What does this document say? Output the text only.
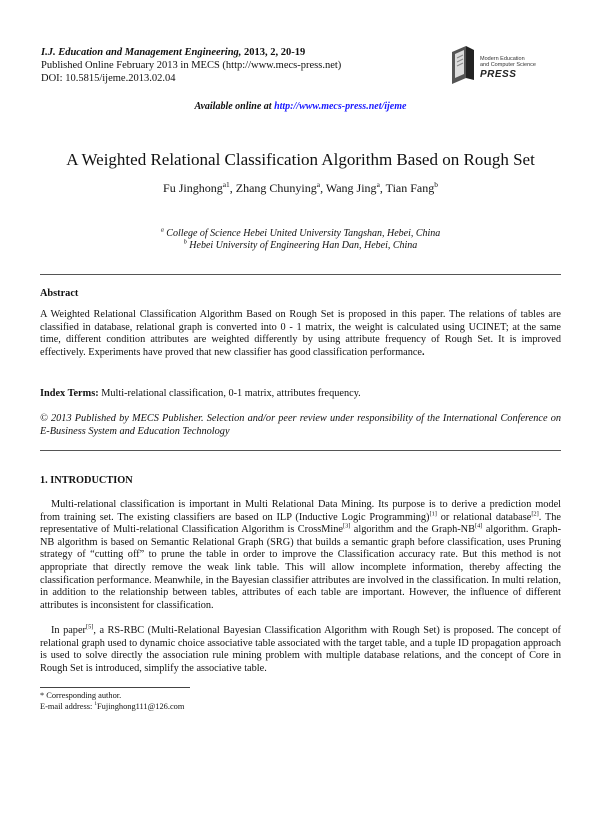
I.J. Education and Management Engineering, 2013, 2, 20-19
Published Online February 2013 in MECS (http://www.mecs-press.net)
DOI: 10.5815/ijeme.2013.02.04
Modern Education
and Computer Science
PRESS
Available online at http://www.mecs-press.net/ijeme
A Weighted Relational Classification Algorithm Based on Rough Set
Fu Jinghong$^{a1}$, Zhang Chunying$^a$, Wang Jing$^a$, Tian Fang$^b$
$^a$ College of Science Hebei United University Tangshan, Hebei, China
$^b$ Hebei University of Engineering Han Dan, Hebei, China
Abstract
A Weighted Relational Classification Algorithm Based on Rough Set is proposed in this paper. The relations of tables are classified in database, relational graph is converted into 0 - 1 matrix, the weight is calculated using UCINET; at the same time, different condition attributes are weighted differently by using attribute frequency of Rough Set. It is improved effectively. Experiments have proved that new classifier has good classification performance.
Index Terms: Multi-relational classification, 0-1 matrix, attributes frequency.
© 2013 Published by MECS Publisher. Selection and/or peer review under responsibility of the International Conference on E-Business System and Education Technology
1. INTRODUCTION
Multi-relational classification is important in Multi Relational Data Mining. Its purpose is to derive a prediction model from training set. The existing classifiers are based on ILP (Inductive Logic Programming)[1] or relational database[2]. The representative of Multi-relational Classification Algorithm is CrossMine[3] algorithm and the Graph-NB[4] algorithm. Graph-NB algorithm is based on Semantic Relational Graph (SRG) that builds a semantic graph before classification, uses Pruning strategy of “cutting off” to prune the table in order to improve the Classification accuracy rate. But this method is not appropriate that directly remove the weak link table. This will allow incomplete information, thereby affecting the classification performance. Meanwhile, in the Bayesian classifier attributes are involved in the classification. In multi relation, in addition to the relationship between tables, attributes of each table are important. However, the influence of different attributes is inconsistent for classification.
In paper[5], a RS-RBC (Multi-Relational Bayesian Classification Algorithm with Rough Set) is proposed. The concept of relational graph used to dynamic choice associative table associated with the target table, and a tuple ID propagation approach is used to solve directly the association rule mining problem with multiple database relations, and the concept of Core in Rough Set is introduced, simplify the associative table.
* Corresponding author.
E-mail address: $^1$Fujinghong111@126.com
